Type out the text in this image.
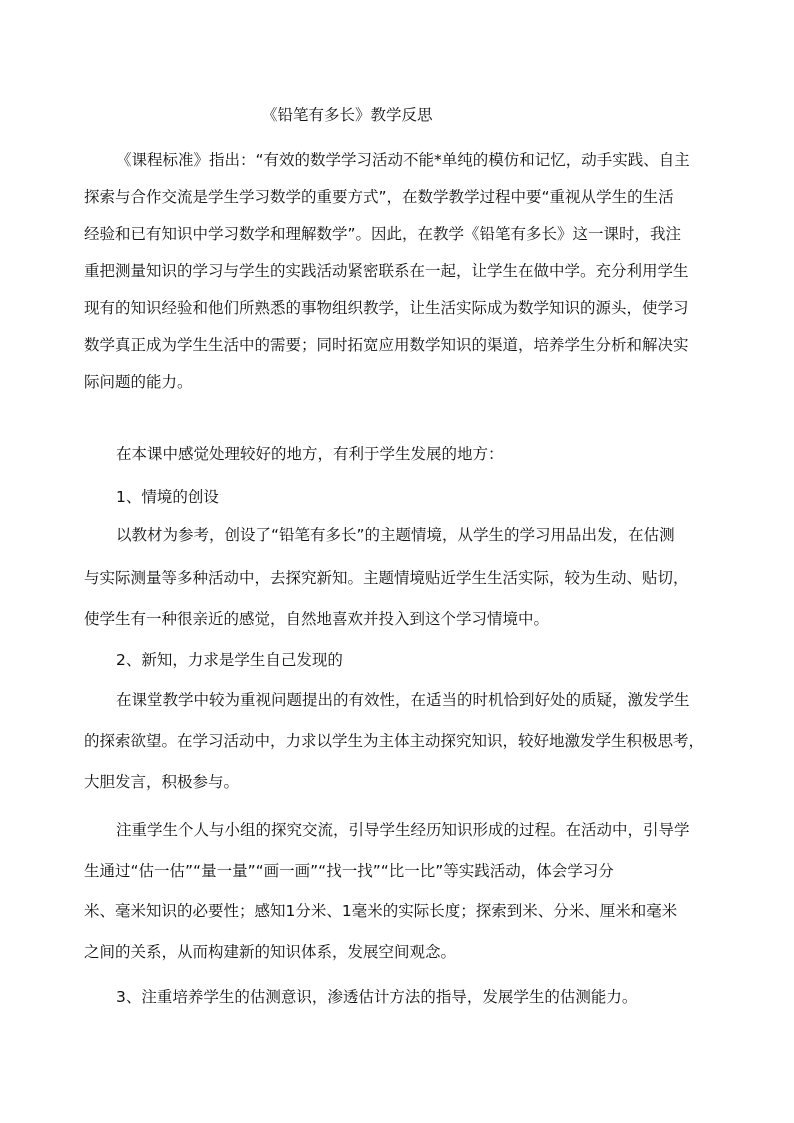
《铅笔有多长》教学反思
《课程标准》指出：“有效的数学学习活动不能*单纯的模仿和记忆，动手实践、自主
探索与合作交流是学生学习数学的重要方式”，在数学教学过程中要“重视从学生的生活
经验和已有知识中学习数学和理解数学”。因此，在教学《铅笔有多长》这一课时，我注
重把测量知识的学习与学生的实践活动紧密联系在一起，让学生在做中学。充分利用学生
现有的知识经验和他们所熟悉的事物组织教学，让生活实际成为数学知识的源头，使学习
数学真正成为学生生活中的需要；同时拓宽应用数学知识的渠道，培养学生分析和解决实
际问题的能力。
在本课中感觉处理较好的地方，有利于学生发展的地方：
1、情境的创设
以教材为参考，创设了“铅笔有多长”的主题情境，从学生的学习用品出发，在估测
与实际测量等多种活动中，去探究新知。主题情境贴近学生生活实际，较为生动、贴切，
使学生有一种很亲近的感觉，自然地喜欢并投入到这个学习情境中。
2、新知，力求是学生自己发现的
在课堂教学中较为重视问题提出的有效性，在适当的时机恰到好处的质疑，激发学生
的探索欲望。在学习活动中，力求以学生为主体主动探究知识，较好地激发学生积极思考，
大胆发言，积极参与。
注重学生个人与小组的探究交流，引导学生经历知识形成的过程。在活动中，引导学
生通过“估一估”“量一量”“画一画”“找一找”“比一比”等实践活动，体会学习分
米、毫米知识的必要性；感知1分米、1毫米的实际长度；探索到米、分米、厘米和毫米
之间的关系，从而构建新的知识体系，发展空间观念。
3、注重培养学生的估测意识，渗透估计方法的指导，发展学生的估测能力。
